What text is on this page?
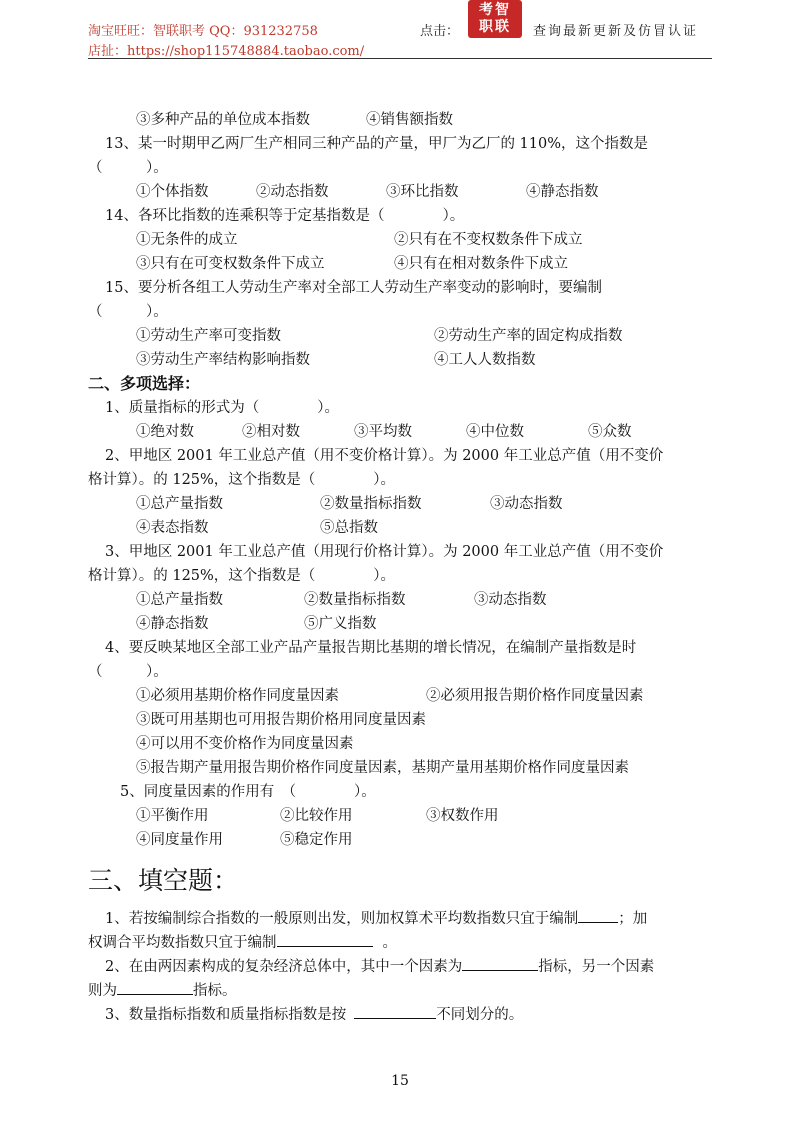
淘宝旺旺：智联职考 QQ：931232758
店扯：https://shop115748884.taobao.com/
点击：
考智
职联	查询最新更新及仿冒认证
③多种产品的单位成本指数	④销售额指数
13、某一时期甲乙两厂生产相同三种产品的产量，甲厂为乙厂的 110%，这个指数是
（　　　）。
①个体指数	②动态指数	③环比指数	④静态指数
14、各环比指数的连乘积等于定基指数是（　　　　）。
①无条件的成立	②只有在不变权数条件下成立
③只有在可变权数条件下成立	④只有在相对数条件下成立
15、要分析各组工人劳动生产率对全部工人劳动生产率变动的影响时，要编制
（　　　）。
①劳动生产率可变指数	②劳动生产率的固定构成指数
③劳动生产率结构影响指数	④工人人数指数
二、多项选择：
1、质量指标的形式为（　　　　）。
①绝对数	②相对数	③平均数	④中位数	⑤众数
2、甲地区 2001 年工业总产值（用不变价格计算）。为 2000 年工业总产值（用不变价
格计算）。的 125%，这个指数是（　　　　）。
①总产量指数	②数量指标指数	③动态指数
④表态指数	⑤总指数
3、甲地区 2001 年工业总产值（用现行价格计算）。为 2000 年工业总产值（用不变价
格计算）。的 125%，这个指数是（　　　　）。
①总产量指数	②数量指标指数	③动态指数
④静态指数	⑤广义指数
4、要反映某地区全部工业产品产量报告期比基期的增长情况，在编制产量指数是时
（　　　）。
①必须用基期价格作同度量因素	②必须用报告期价格作同度量因素
③既可用基期也可用报告期价格用同度量因素
④可以用不变价格作为同度量因素
⑤报告期产量用报告期价格作同度量因素，基期产量用基期价格作同度量因素
5、同度量因素的作用有　（　　　　）。
①平衡作用	②比较作用	③权数作用
④同度量作用	⑤稳定作用
三、填空题：
1、若按编制综合指数的一般原则出发，则加权算术平均数指数只宜于编制	；加
权调合平均数指数只宜于编制	。
2、在由两因素构成的复杂经济总体中，其中一个因素为	指标，另一个因素
则为	指标。
3、数量指标指数和质量指标指数是按	不同划分的。
15
